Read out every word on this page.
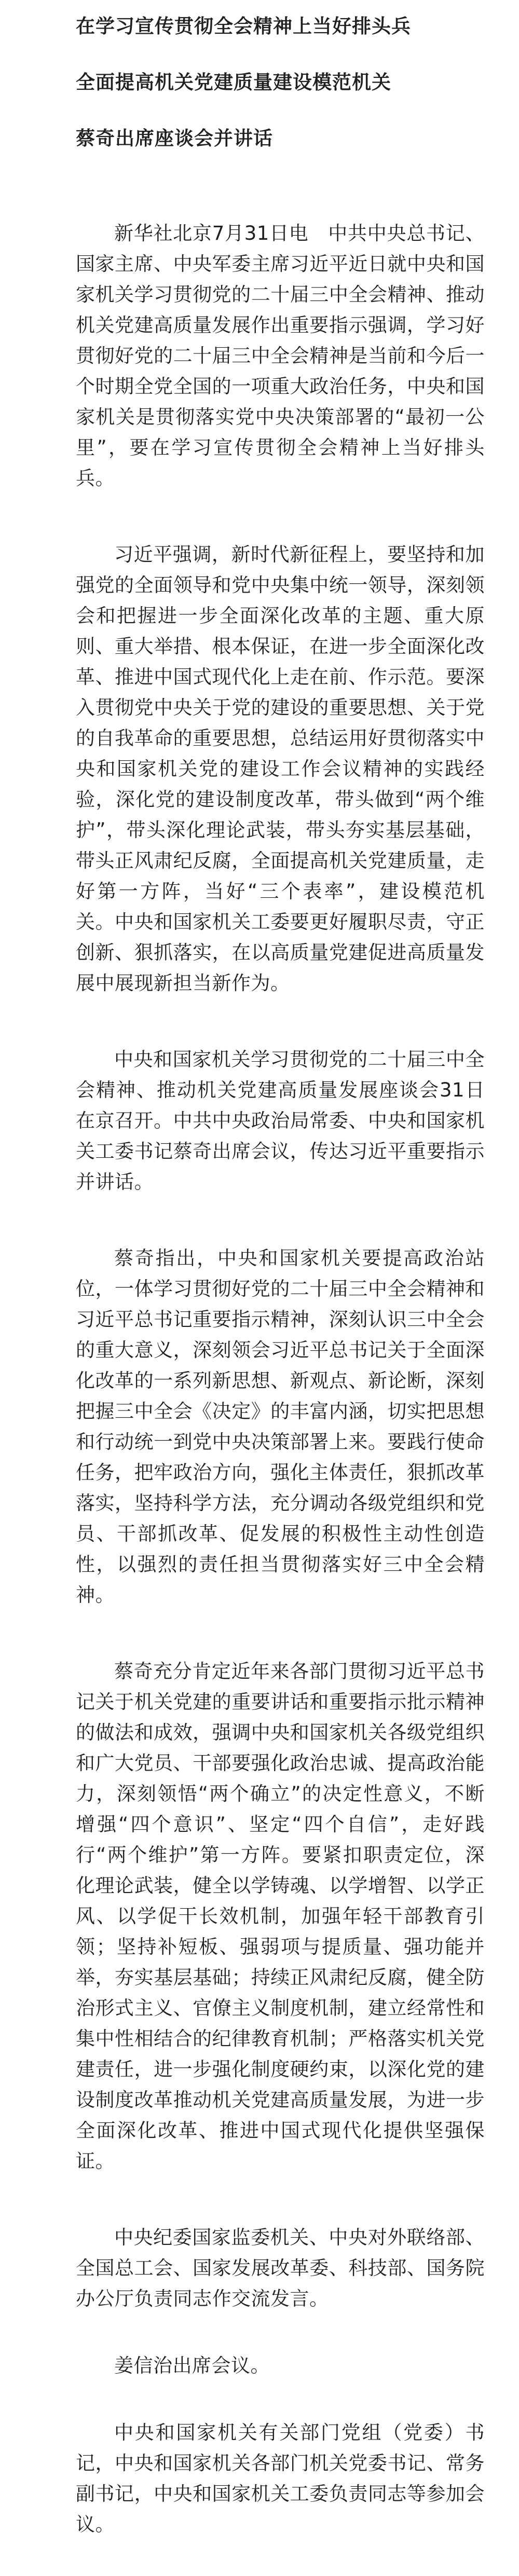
在学习宣传贯彻全会精神上当好排头兵
全面提高机关党建质量建设模范机关
蔡奇出席座谈会并讲话

新华社北京7月31日电　中共中央总书记、国家主席、中央军委主席习近平近日就中央和国家机关学习贯彻党的二十届三中全会精神、推动机关党建高质量发展作出重要指示强调，学习好贯彻好党的二十届三中全会精神是当前和今后一个时期全党全国的一项重大政治任务，中央和国家机关是贯彻落实党中央决策部署的“最初一公里”，要在学习宣传贯彻全会精神上当好排头兵。

习近平强调，新时代新征程上，要坚持和加强党的全面领导和党中央集中统一领导，深刻领会和把握进一步全面深化改革的主题、重大原则、重大举措、根本保证，在进一步全面深化改革、推进中国式现代化上走在前、作示范。要深入贯彻党中央关于党的建设的重要思想、关于党的自我革命的重要思想，总结运用好贯彻落实中央和国家机关党的建设工作会议精神的实践经验，深化党的建设制度改革，带头做到“两个维护”，带头深化理论武装，带头夯实基层基础，带头正风肃纪反腐，全面提高机关党建质量，走好第一方阵，当好“三个表率”，建设模范机关。中央和国家机关工委要更好履职尽责，守正创新、狠抓落实，在以高质量党建促进高质量发展中展现新担当新作为。

中央和国家机关学习贯彻党的二十届三中全会精神、推动机关党建高质量发展座谈会31日在京召开。中共中央政治局常委、中央和国家机关工委书记蔡奇出席会议，传达习近平重要指示并讲话。

蔡奇指出，中央和国家机关要提高政治站位，一体学习贯彻好党的二十届三中全会精神和习近平总书记重要指示精神，深刻认识三中全会的重大意义，深刻领会习近平总书记关于全面深化改革的一系列新思想、新观点、新论断，深刻把握三中全会《决定》的丰富内涵，切实把思想和行动统一到党中央决策部署上来。要践行使命任务，把牢政治方向，强化主体责任，狠抓改革落实，坚持科学方法，充分调动各级党组织和党员、干部抓改革、促发展的积极性主动性创造性，以强烈的责任担当贯彻落实好三中全会精神。

蔡奇充分肯定近年来各部门贯彻习近平总书记关于机关党建的重要讲话和重要指示批示精神的做法和成效，强调中央和国家机关各级党组织和广大党员、干部要强化政治忠诚、提高政治能力，深刻领悟“两个确立”的决定性意义，不断增强“四个意识”、坚定“四个自信”，走好践行“两个维护”第一方阵。要紧扣职责定位，深化理论武装，健全以学铸魂、以学增智、以学正风、以学促干长效机制，加强年轻干部教育引领；坚持补短板、强弱项与提质量、强功能并举，夯实基层基础；持续正风肃纪反腐，健全防治形式主义、官僚主义制度机制，建立经常性和集中性相结合的纪律教育机制；严格落实机关党建责任，进一步强化制度硬约束，以深化党的建设制度改革推动机关党建高质量发展，为进一步全面深化改革、推进中国式现代化提供坚强保证。

中央纪委国家监委机关、中央对外联络部、全国总工会、国家发展改革委、科技部、国务院办公厅负责同志作交流发言。

姜信治出席会议。

中央和国家机关有关部门党组（党委）书记，中央和国家机关各部门机关党委书记、常务副书记，中央和国家机关工委负责同志等参加会议。
